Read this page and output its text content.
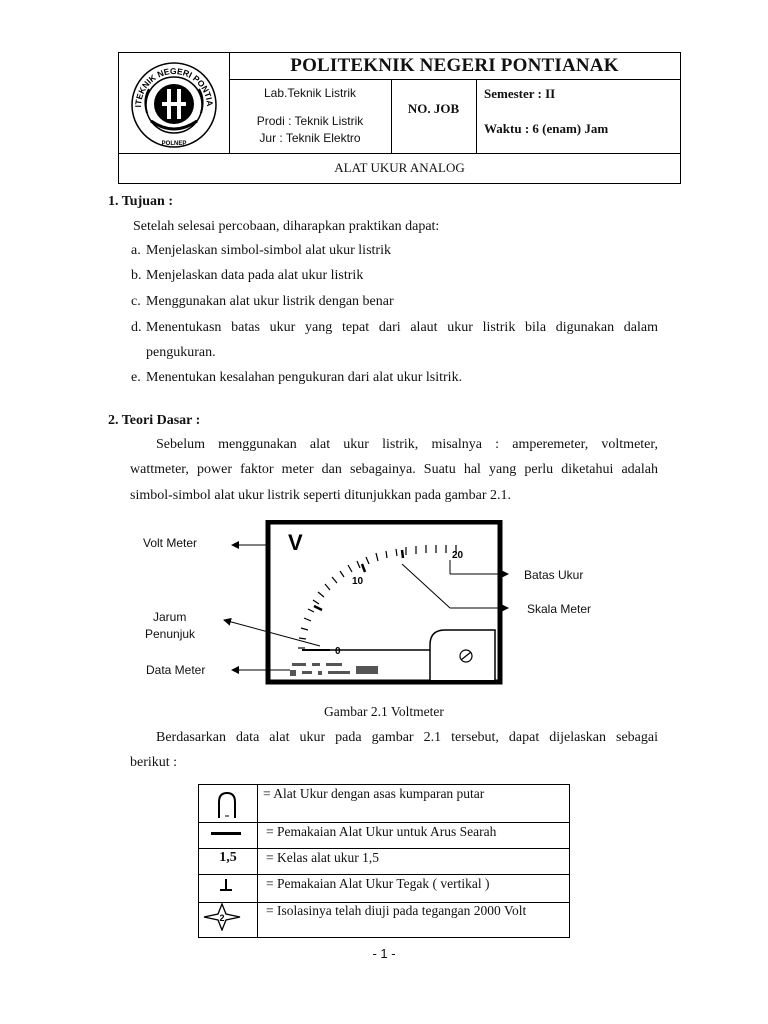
ITEKNIK NEGERI PONTIA
POLNEP
POLITEKNIK NEGERI PONTIANAK
Lab.Teknik Listrik
Prodi : Teknik Listrik
Jur : Teknik Elektro
NO. JOB
Semester : II
Waktu : 6 (enam) Jam
ALAT UKUR ANALOG
1. Tujuan :
Setelah selesai percobaan, diharapkan praktikan dapat:
a. Menjelaskan simbol-simbol alat ukur listrik
b. Menjelaskan data pada alat ukur listrik
c. Menggunakan alat ukur listrik dengan benar
d. Menentukasn batas ukur yang tepat dari alaut ukur listrik bila digunakan dalam
pengukuran.
e. Menentukan kesalahan pengukuran dari alat ukur lsitrik.
2. Teori Dasar :
Sebelum menggunakan alat ukur listrik, misalnya : amperemeter, voltmeter,
wattmeter, power faktor meter dan sebagainya. Suatu hal yang perlu diketahui adalah
simbol-simbol alat ukur listrik seperti ditunjukkan pada gambar 2.1.
V
0
10
20
Volt Meter
Jarum
Penunjuk
Data Meter
Batas Ukur
Skala Meter
Gambar 2.1 Voltmeter
Berdasarkan data alat ukur pada gambar 2.1 tersebut, dapat dijelaskan sebagai
berikut :
1,5
2
= Alat Ukur dengan asas kumparan putar
= Pemakaian Alat Ukur untuk Arus Searah
= Kelas alat ukur 1,5
= Pemakaian Alat Ukur Tegak ( vertikal )
= Isolasinya telah diuji pada tegangan 2000 Volt
- 1 -
